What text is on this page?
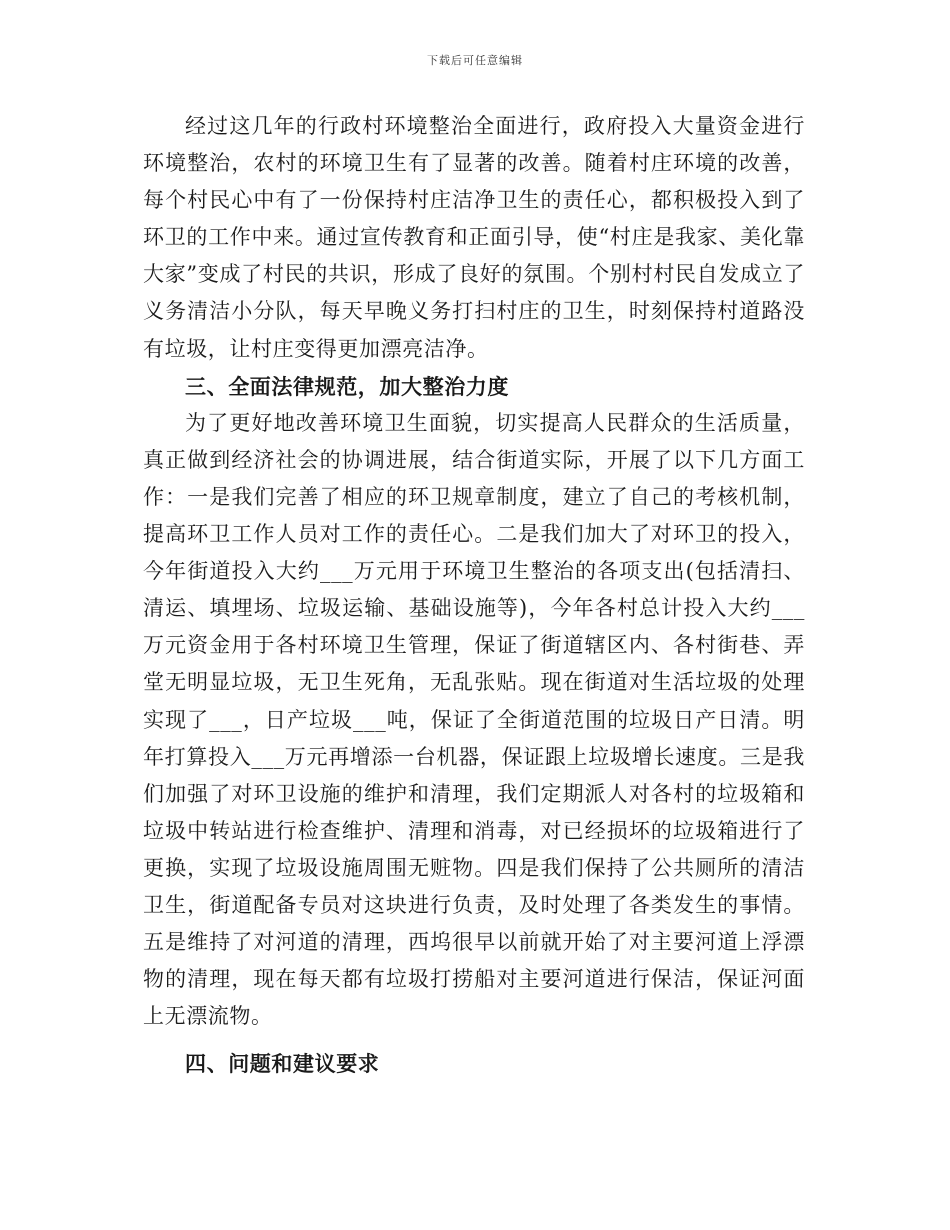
下载后可任意编辑

经过这几年的行政村环境整治全面进行，政府投入大量资金进行环境整治，农村的环境卫生有了显著的改善。随着村庄环境的改善，每个村民心中有了一份保持村庄洁净卫生的责任心，都积极投入到了环卫的工作中来。通过宣传教育和正面引导，使“村庄是我家、美化靠大家”变成了村民的共识，形成了良好的氛围。个别村村民自发成立了义务清洁小分队，每天早晚义务打扫村庄的卫生，时刻保持村道路没有垃圾，让村庄变得更加漂亮洁净。

三、全面法律规范，加大整治力度

为了更好地改善环境卫生面貌，切实提高人民群众的生活质量，真正做到经济社会的协调进展，结合街道实际，开展了以下几方面工作：一是我们完善了相应的环卫规章制度，建立了自己的考核机制，提高环卫工作人员对工作的责任心。二是我们加大了对环卫的投入，今年街道投入大约___万元用于环境卫生整治的各项支出(包括清扫、清运、填埋场、垃圾运输、基础设施等)，今年各村总计投入大约___万元资金用于各村环境卫生管理，保证了街道辖区内、各村街巷、弄堂无明显垃圾，无卫生死角，无乱张贴。现在街道对生活垃圾的处理实现了___，日产垃圾___吨，保证了全街道范围的垃圾日产日清。明年打算投入___万元再增添一台机器，保证跟上垃圾增长速度。三是我们加强了对环卫设施的维护和清理，我们定期派人对各村的垃圾箱和垃圾中转站进行检查维护、清理和消毒，对已经损坏的垃圾箱进行了更换，实现了垃圾设施周围无赃物。四是我们保持了公共厕所的清洁卫生，街道配备专员对这块进行负责，及时处理了各类发生的事情。五是维持了对河道的清理，西坞很早以前就开始了对主要河道上浮漂物的清理，现在每天都有垃圾打捞船对主要河道进行保洁，保证河面上无漂流物。

四、问题和建议要求
